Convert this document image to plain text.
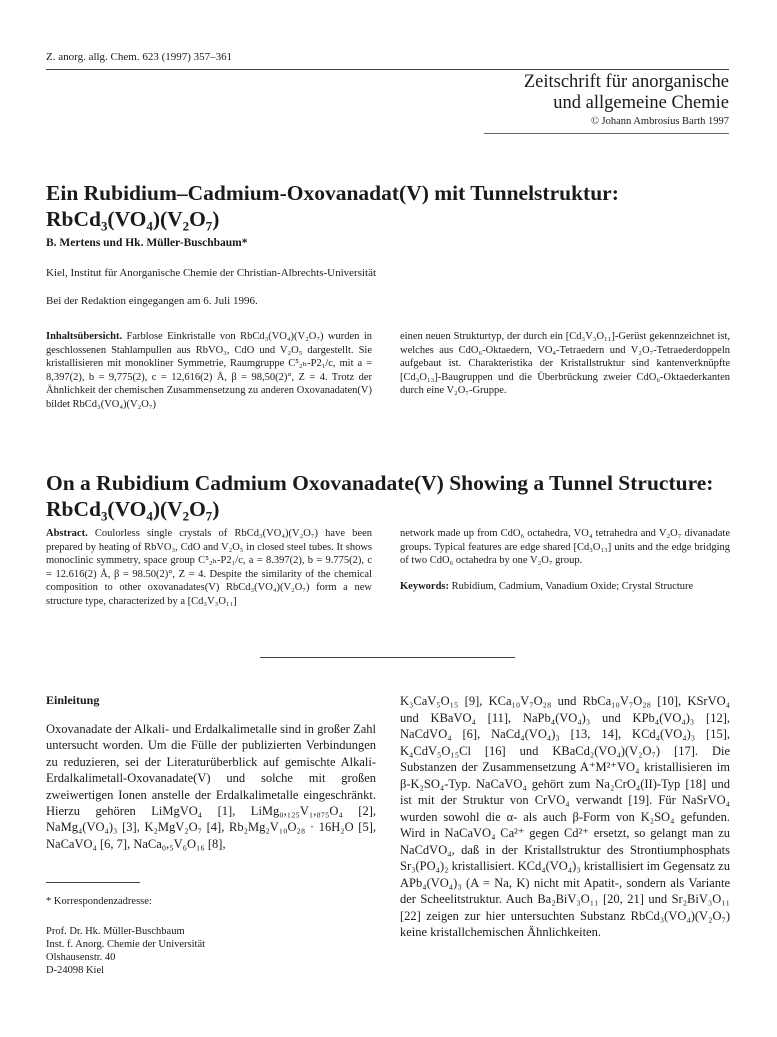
Z. anorg. allg. Chem. 623 (1997) 357–361
Zeitschrift für anorganische
und allgemeine Chemie
© Johann Ambrosius Barth 1997
Ein Rubidium–Cadmium-Oxovanadat(V) mit Tunnelstruktur: RbCd₃(VO₄)(V₂O₇)
B. Mertens und Hk. Müller-Buschbaum*
Kiel, Institut für Anorganische Chemie der Christian-Albrechts-Universität
Bei der Redaktion eingegangen am 6. Juli 1996.
Inhaltsübersicht. Farblose Einkristalle von RbCd₃(VO₄)(V₂O₇) wurden in geschlossenen Stahlampullen aus RbVO₃, CdO und V₂O₅ dargestellt. Sie kristallisieren mit monokliner Symmetrie, Raumgruppe C⁵₂ₕ-P2₁/c, mit a = 8,397(2), b = 9,775(2), c = 12,616(2) Å, β = 98,50(2)°, Z = 4. Trotz der Ähnlichkeit der chemischen Zusammensetzung zu anderen Oxovanadaten(V) bildet RbCd₃(VO₄)(V₂O₇)
einen neuen Strukturtyp, der durch ein [Cd₃V₃O₁₁]-Gerüst gekennzeichnet ist, welches aus CdO₆-Oktaedern, VO₄-Tetraedern und V₂O₇-Tetraederdoppeln aufgebaut ist. Charakteristika der Kristallstruktur sind kantenverknüpfte [Cd₃O₁₃]-Baugruppen und die Überbrückung zweier CdO₆-Oktaederkanten durch eine V₂O₇-Gruppe.
On a Rubidium Cadmium Oxovanadate(V) Showing a Tunnel Structure: RbCd₃(VO₄)(V₂O₇)
Abstract. Coulorless single crystals of RbCd₃(VO₄)(V₂O₇) have been prepared by heating of RbVO₃, CdO and V₂O₅ in closed steel tubes. It shows monoclinic symmetry, space group C⁵₂ₕ-P2₁/c, a = 8.397(2), b = 9.775(2), c = 12.616(2) Å, β = 98.50(2)°, Z = 4. Despite the similarity of the chemical composition to other oxovanadates(V) RbCd₃(VO₄)(V₂O₇) form a new structure type, characterized by a [Cd₃V₃O₁₁]
network made up from CdO₆ octahedra, VO₄ tetrahedra and V₂O₇ divanadate groups. Typical features are edge shared [Cd₃O₁₃] units and the edge bridging of two CdO₆ octahedra by one V₂O₇ group.
Keywords: Rubidium, Cadmium, Vanadium Oxide; Crystal Structure
Einleitung
Oxovanadate der Alkali- und Erdalkalimetalle sind in großer Zahl untersucht worden. Um die Fülle der publizierten Verbindungen zu reduzieren, sei der Literaturüberblick auf gemischte Alkali-Erdalkalimetall-Oxovanadate(V) und solche mit großen zweiwertigen Ionen anstelle der Erdalkalimetalle eingeschränkt. Hierzu gehören LiMgVO₄ [1], LiMg₀,₁₂₅V₁,₈₇₅O₄ [2], NaMg₄(VO₄)₃ [3], K₂MgV₂O₇ [4], Rb₂Mg₂V₁₀O₂₈ · 16H₂O [5], NaCaVO₄ [6, 7], NaCa₀,₅V₆O₁₆ [8],
K₃CaV₅O₁₅ [9], KCa₁₀V₇O₂₈ und RbCa₁₀V₇O₂₈ [10], KSrVO₄ und KBaVO₄ [11], NaPb₄(VO₄)₃ und KPb₄(VO₄)₃ [12], NaCdVO₄ [6], NaCd₄(VO₄)₃ [13, 14], KCd₄(VO₄)₃ [15], K₄CdV₅O₁₅Cl [16] und KBaCd₂(VO₄)(V₂O₇) [17]. Die Substanzen der Zusammensetzung A⁺M²⁺VO₄ kristallisieren im β-K₂SO₄-Typ. NaCaVO₄ gehört zum Na₂CrO₄(II)-Typ [18] und ist mit der Struktur von CrVO₄ verwandt [19]. Für NaSrVO₄ wurden sowohl die α- als auch β-Form von K₂SO₄ gefunden. Wird in NaCaVO₄ Ca²⁺ gegen Cd²⁺ ersetzt, so gelangt man zu NaCdVO₄, daß in der Kristallstruktur des Strontiumphosphats Sr₃(PO₄)₂ kristallisiert. KCd₄(VO₄)₃ kristallisiert im Gegensatz zu APb₄(VO₄)₃ (A = Na, K) nicht mit Apatit-, sondern als Variante der Scheelitstruktur. Auch Ba₂BiV₃O₁₁ [20, 21] und Sr₂BiV₃O₁₁ [22] zeigen zur hier untersuchten Substanz RbCd₃(VO₄)(V₂O₇) keine kristallchemischen Ähnlichkeiten.
* Korrespondenzadresse:
Prof. Dr. Hk. Müller-Buschbaum
Inst. f. Anorg. Chemie der Universität
Olshausenstr. 40
D-24098 Kiel
